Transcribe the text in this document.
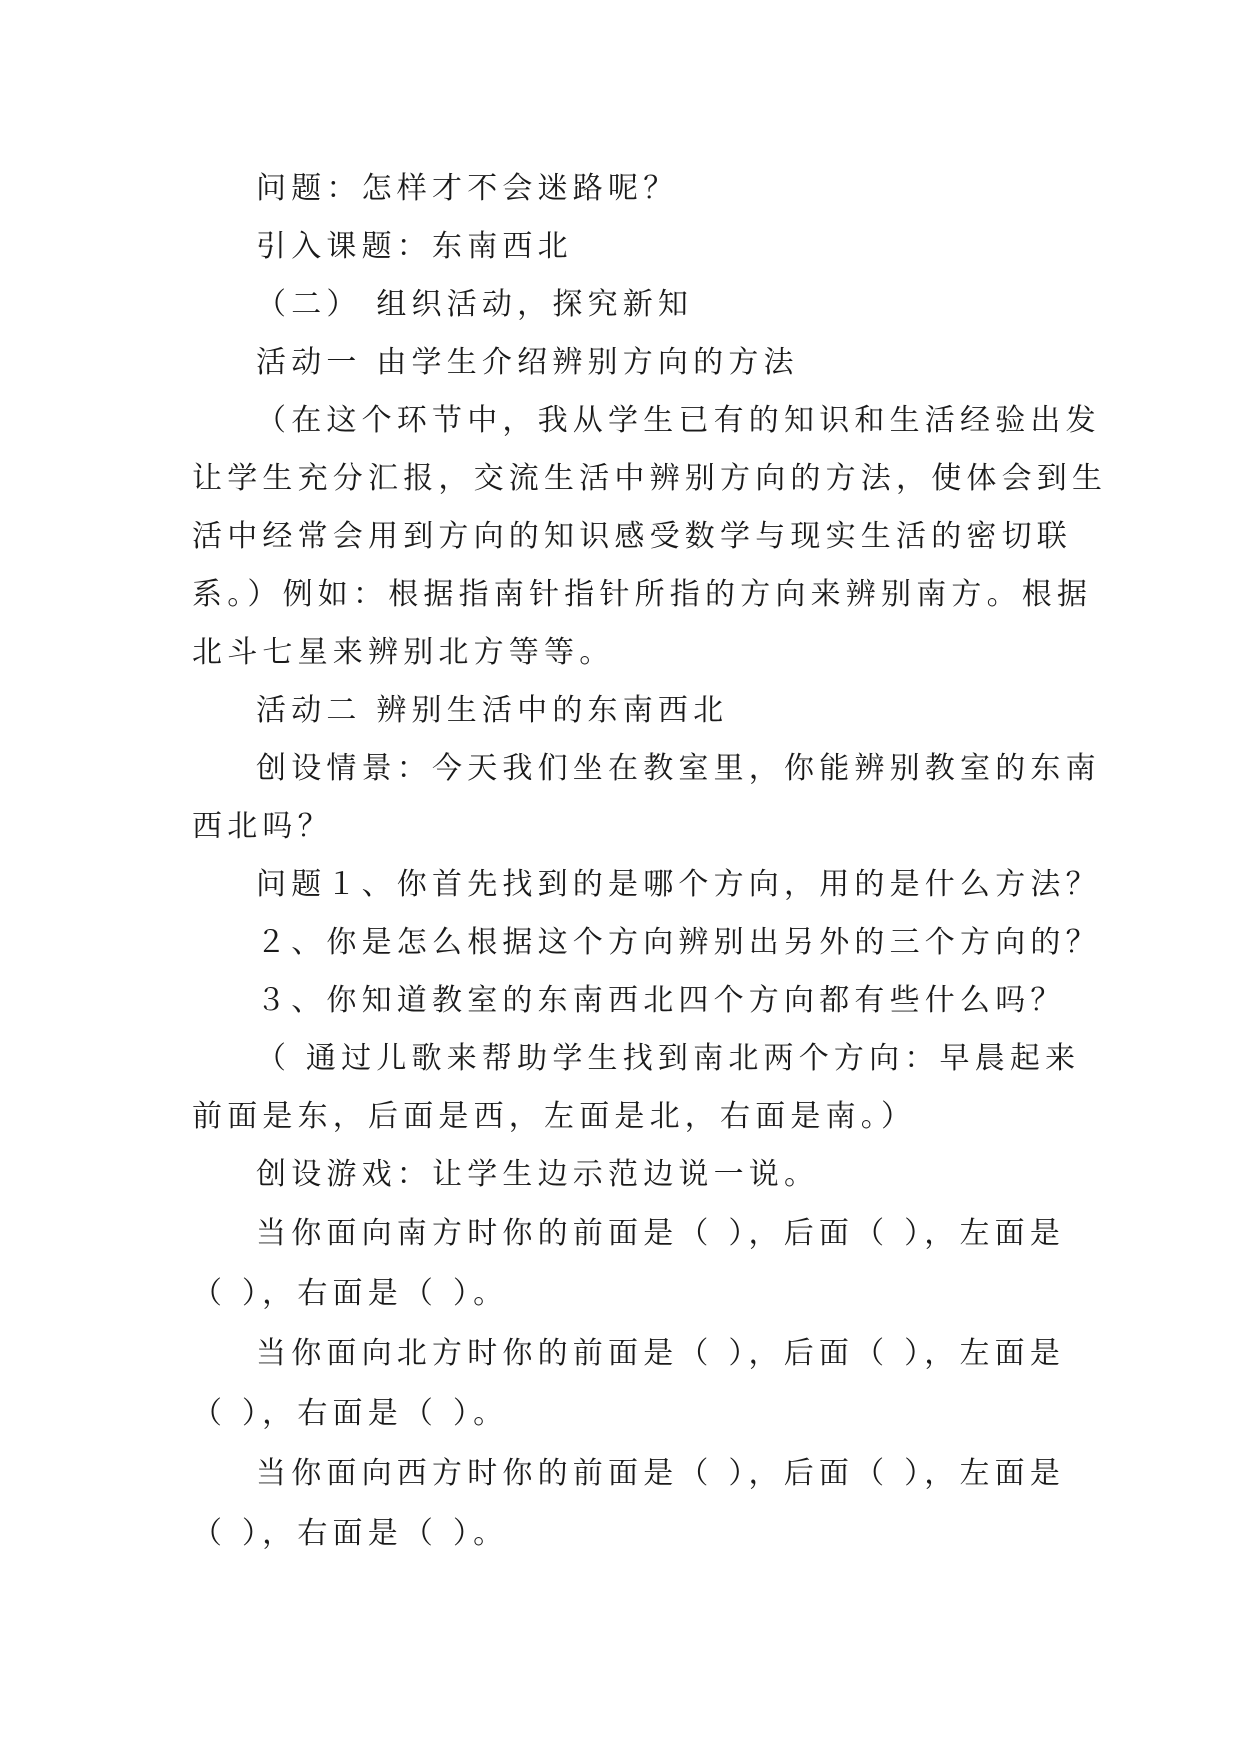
问题：怎样才不会迷路呢？
引入课题：东南西北
（二） 组织活动，探究新知
活动一 由学生介绍辨别方向的方法
（在这个环节中，我从学生已有的知识和生活经验出发
让学生充分汇报，交流生活中辨别方向的方法，使体会到生
活中经常会用到方向的知识感受数学与现实生活的密切联
系。）例如：根据指南针指针所指的方向来辨别南方。根据
北斗七星来辨别北方等等。
活动二 辨别生活中的东南西北
创设情景：今天我们坐在教室里，你能辨别教室的东南
西北吗？
问题１、你首先找到的是哪个方向，用的是什么方法？
２、你是怎么根据这个方向辨别出另外的三个方向的？
３、你知道教室的东南西北四个方向都有些什么吗？
（ 通过儿歌来帮助学生找到南北两个方向：早晨起来
前面是东，后面是西，左面是北，右面是南。）
创设游戏：让学生边示范边说一说。
当你面向南方时你的前面是（ ），后面（ ），左面是
（ ），右面是（ ）。
当你面向北方时你的前面是（ ），后面（ ），左面是
（ ），右面是（ ）。
当你面向西方时你的前面是（ ），后面（ ），左面是
（ ），右面是（ ）。
